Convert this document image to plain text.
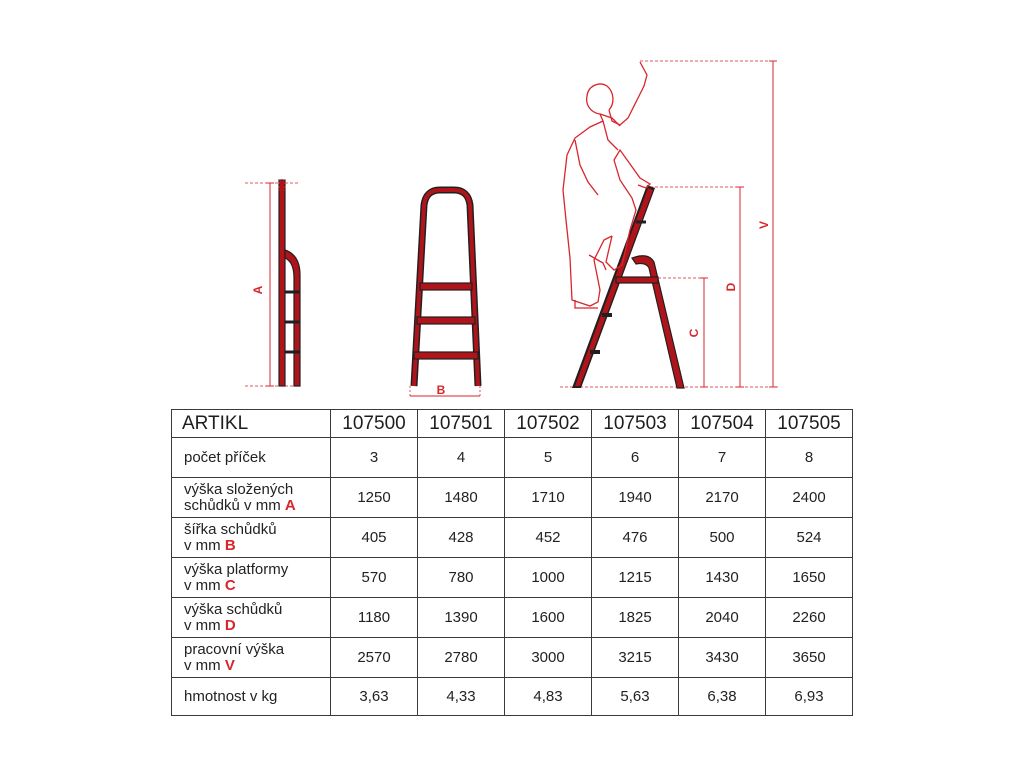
A
B
V
D
C
ARTIKL	107500	107501	107502	107503	107504	107505

počet příček	3	4	5	6	7	8

výška složených
schůdků v mm A	1250	1480	1710	1940	2170	2400

šířka schůdků
v mm B	405	428	452	476	500	524

výška platformy
v mm C	570	780	1000	1215	1430	1650

výška schůdků
v mm D	1180	1390	1600	1825	2040	2260

pracovní výška
v mm V	2570	2780	3000	3215	3430	3650

hmotnost v kg	3,63	4,33	4,83	5,63	6,38	6,93
